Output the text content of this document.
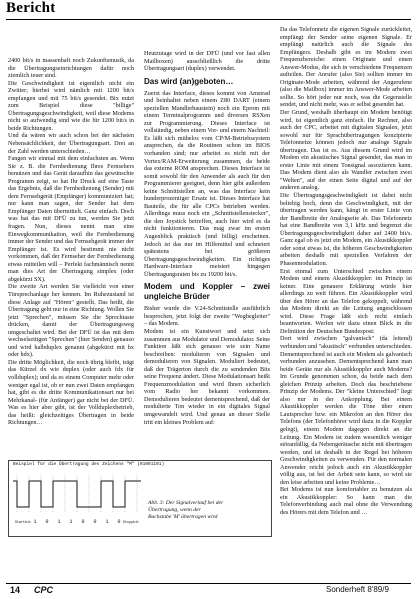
Bericht

2400 bit/s in massenhaft noch Zukunftsmusik, da die Übertragungseinrichtungen dafür noch ziemlich teuer sind.

Die Geschwindigkeit ist eigentlich nicht ein Zwitter; hierbei wird nämlich mit 1200 bit/s empfangen und mit 75 bit/s gesendet. Btx nutzt zum Beispiel diese "billige" Übertragungsgeschwindigkeit, weil diese Modems nicht so aufwendig sind wie die für 1200 bit/s in beide Richtungen.

Und da wären wir auch schon bei der nächsten Nebensächlichkeit, der Übertragungsart. Drei an der Zahl werden unterschieden…

Fangen wir einmal mit dem einfachsten an. Wenn Sie z. B. die Fernbedienung Ihres Fernsehers benutzen und das Gerät daraufhin das gewünschte Programm zeigt, so hat Ihr Druck auf eine Taste das Ergebnis, daß die Fernbedienung (Sender) mit dem Fernsehgerät (Empfänger) kommuniziert hat; nur kann man sagen, der Sender hat dem Empfänger Daten übermittelt. Ganz einfach. Doch was hat das mit DFÜ zu tun, werden Sie jetzt fragen. Nun, dieses nennt man eine Einwegkommunikation, weil die Fernbedienung immer der Sender und das Fernsehgerät immer der Empfänger ist. Es wird bestimmt nie nicht vorkommen, daß der Fernseher der Fernbedienung etwas mitteilen will – Perfekt fachmännisch nennt man dies Art der Übertragung simplex (oder abgekürzt SX).

Die zweite Art werden Sie vielleicht von einer Türsprechanlage her kennen. Im Ruhezustand ist diese Anlage auf "Hören" gestellt. Das heißt, die Übertragung geht nur in eine Richtung. Wollen Sie jetzt "Sprechen", müssen Sie die Sprechtaste drücken, damit der Übertragungsweg umgeschaltet wird. Bei der DFÜ ist das mit dem wechselseitigen "Sprechen" (hier Senden) genauso und wird halbduplex genannt (abgekürzt mit hx oder hdx).

Die dritte Möglichkeit, die noch übrig bleibt, trägt das Kürzel dx wie duplex (oder auch fdx für vollduplex); und da es einem Computer mehr oder weniger egal ist, ob er nun zwei Daten empfangen hat, gibt es die dritte Kommunikationsart nur bei Mehrkanal- (für Anfänger) gar nicht bei der DFÜ. Was es hier aber gibt, ist der Vollduplexbetrieb, das heißt: gleichzeitiges Übertragen in beide Richtungen…

Heutzutage wird in der DFÜ (und vor fast allen Mailboxen) ausschließlich die dritte Übertragungsart (duplex) verwendet.

Das wird (an)geboten…

Zuerst das Interface, dieses kommt von Amstrad und beinhaltet neben einem Z80 DART (einem speziellen Mandlerbaustein) noch ein Eprom mit einem Terminalprogramm und diversen RSXen zur Programmierung. Dieses Interface ist vollständig, neben einem Vor- und einem Nachteil: Es läßt sich mühelos vom CP/M-Betriebssystem ansprechen, da die Routinen schon im BIOS vorhanden sind; nur arbeitet es nicht mit der Vortex/RAM-Erweiterung zusammen, da beide das externe ROM ansprechen. Dieses Interface ist somit sowohl für den Anwender als auch für den Programmierer geeignet, denn hier gibt außerdem keine Schnittstellen an, was das Interface kein hunderprozentiger Ersatz ist. Dieses Interface hat Bauteile, die für alle CPCs betrieben werden. Allerdings muss noch ein „Schnittstellenstecker", die den Joystick betreffen, auch hier wird es da nicht funktionieren. Das mag zwar im ersten Augenblick praktisch (und billig) erscheinen. Jedoch ist das nur im Hilfemittel und schneiert spätestens bei größeren Übertragungsgeschwindigkeiten. Ein richtiges Hardware-Interface meistert hingegen Übertragungsraten bis zu 19200 bit/s.

Modem und Koppler – zwei ungleiche Brüder

Bisher wurde die V.24-Schnittstelle ausführlich besprochen, jetzt folgt der zweite "Wegbegleiter" – das Modem.

Modem ist ein Kunstwort und setzt sich zusammen aus Modulator und Demodulator. Seine Funktion läßt sich genauso wie sein Name beschreiben: modulieren von Signalen und demodulieren von Signalen. Moduliert bedeutet, daß der Trägerton durch die zu sendenden Bits seine Frequenz ändert. Diese Modulationsart heißt Frequenzmodulation und wird Ihnen sicherlich vom Radio her bekannt vorkommen. Demodulieren bedeutet dementsprechend, daß der modulierte Ton wieder in ein digitales Signal umgewandelt wird. Und genau an dieser Stelle tritt ein kleines Problem auf:

Da das Telefonnetz die eigenen Signale zurückleitet, empfängt der Sender seine eigenen Signale. Er empfängt natürlich auch die Signale des Empfängers. Deshalb gibt es im Modem zwei Frequenzbereiche: einen Originate und einen Answer-Modus, die sich in verschiedene Frequenzen aufteilen. Der Anrufer (also Sie) sollten immer im Originate-Mode arbeiten, während der Angerufene (also die Mailbox) immer im Answer-Mode arbeiten sollte. So hört jeder nur noch, was die Gegenstelle sendet, und nicht mehr, was er selbst gesendet hat.

Der Grund, weshalb überhaupt ein Modem benötigt wird, ist eigentlich ganz einfach. Ihr Rechner, also auch der CPC, arbeitet mit digitalen Signalen, jetzt sowohl nur für Sprachübertragungen konzipierte Telefonnetze können jedoch nur analoge Signale übertragen. Das ist es. Aus diesem Grund wird im Modem ein akustisches Signal gesendet, das man in erster Linie mit einem Tonsignal assoziieren kann. Das Modem dient also als Wandler zwischen zwei "Welten", auf der einen Seite digital und auf der anderen analog.

Die Übertragungsgeschwindigkeit ist dabei nicht beliebig hoch, denn die Geschwindigkeit, mit der übertragen werden kann, hängt in erster Linie von der Bandbreite der Analogseite ab. Das Telefonnetz hat eine Bandbreite von 3,1 kHz und begrenzt die Übertragungsgeschwindigkeit daher auf 2400 bit/s. Ganz egal ob es jetzt ein Modem, ein Akustikkoppler oder sonst etwas ist, die höheren Geschwindigkeiten arbeiten deshalb mit speziellen Verfahren der Phasenmodulation.

Erst einmal zum Unterschied zwischen einem Modem und einem Akustikkoppler: im Prinzip ist keiner. Eine genauere Erklärung würde hier allerdings zu weit führen. Ein Akustikkoppler wird über den Hörer an das Telefon gekoppelt, während das Modem direkt an die Leitung angeschlossen wird. Diese Frage läßt sich recht einfach beantworten. Werfen wir dazu einen Blick in die Definition der Deutschen Bundespost:

Dort wird zwischen "galvanisch" (da leitend) verbunden und "akustisch" verbunden unterschieden. Dementsprechend ist auch ein Modem als galvanisch verbunden anzusehen. Dementsprechend kann man beide Geräte nur als Akustikkoppler auch Modems? Im Grunde genommen schon, da beide nach dem gleichen Prinzip arbeiten. Doch das beschriebene Prinzip der Modems. Der "kleine Unterschied" liegt also nur in der Ankopplung. Bei einem Akustikkoppler werden die Töne über einen Lautsprecher bzw. ein Mikrofon an den Hörer des Telefons (der Telefonhörer wird dazu in die Koppler gelegt), einem Modem dagegen direkt an die Leitung. Ein Modem ist zudem wesentlich weniger störanfällig, da Nebengeräusche nicht mit übertragen werden, und ist deshalb in der Regel bei höheren Geschwindigkeiten zu verwenden. Für den normalen Anwender reicht jedoch auch ein Akustikkoppler völlig aus, ist bei der Arbeit sein kann, so wird sie den leise arbeiten und keine Probleme…

Bei Modems ist nun komfortabler zu benutzen als ein Akustikkoppler: So kann man die Telefonverbindung auch mal ohne die Verwendung des Hörers mit dem Telefon und …

Beispiel für die Übertragung des Zeichens "M" (01001101)
Startbit 1 0 1 1 0 0 1 0 Stoppbit
Abb. 3: Der Signalverlauf bei der Übertragung, wenn der Buchstabe 'M' übertragen wird
14 CPC	Sonderheft 8'89/9
